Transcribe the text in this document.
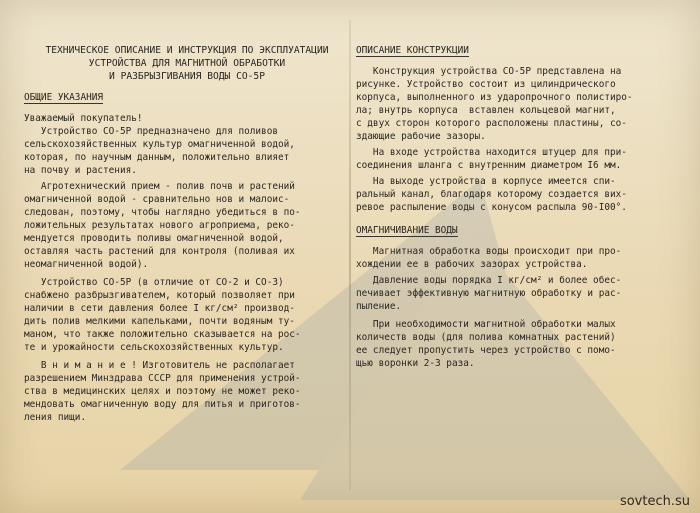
ТЕХНИЧЕСКОЕ ОПИСАНИЕ И ИНСТРУКЦИЯ ПО ЭКСПЛУАТАЦИИ

УСТРОЙСТВА ДЛЯ МАГНИТНОЙ ОБРАБОТКИ

И РАЗБРЫЗГИВАНИЯ ВОДЫ СО-5Р

ОБЩИЕ УКАЗАНИЯ

Уважаемый покупатель!

Устройство СО-5Р предназначено для поливов

сельскохозяйственных культур омагниченной водой,

которая, по научным данным, положительно влияет

на почву и растения.

Агротехнический прием - полив почв и растений

омагниченной водой - сравнительно нов и малоис-

следован, поэтому, чтобы наглядно убедиться в по-

ложительных результатах нового агроприема, реко-

мендуется проводить поливы омагниченной водой,

оставляя часть растений для контроля (поливая их

неомагниченной водой).

Устройство СО-5Р (в отличие от СО-2 и СО-3)

снабжено разбрызгивателем, который позволяет при

наличии в сети давления более I кг/см² производ-

дить полив мелкими капельками, почти водяным ту-

маном, что также положительно сказывается на рос-

те и урожайности сельскохозяйственных культур.

В н и м а н и е ! Изготовитель не располагает

разрешением Минздрава СССР для применения устрой-

ства в медицинских целях и поэтому не может реко-

мендовать омагниченную воду для питья и приготов-

ления пищи.

ОПИСАНИЕ КОНСТРУКЦИИ

Конструкция устройства СО-5Р представлена на

рисунке. Устройство состоит из цилиндрического

корпуса, выполненного из ударопрочного полистиро-

ла; внутрь корпуса  вставлен кольцевой магнит,

с двух сторон которого расположены пластины, со-

здающие рабочие зазоры.

На входе устройства находится штуцер для при-

соединения шланга с внутренним диаметром I6 мм.

На выходе устройства в корпусе имеется спи-

ральный канал, благодаря которому создается вих-

ревое распыление воды с конусом распыла 90-I00°.

ОМАГНИЧИВАНИЕ ВОДЫ

Магнитная обработка воды происходит при про-

хождении ее в рабочих зазорах устройства.

Давление воды порядка I кг/см² и более обес-

печивает эффективную магнитную обработку и рас-

пыление.

При необходимости магнитной обработки малых

количеств воды (для полива комнатных растений)

ее следует пропустить через устройство с помо-

щью воронки 2-3 раза.

sovtech.su
